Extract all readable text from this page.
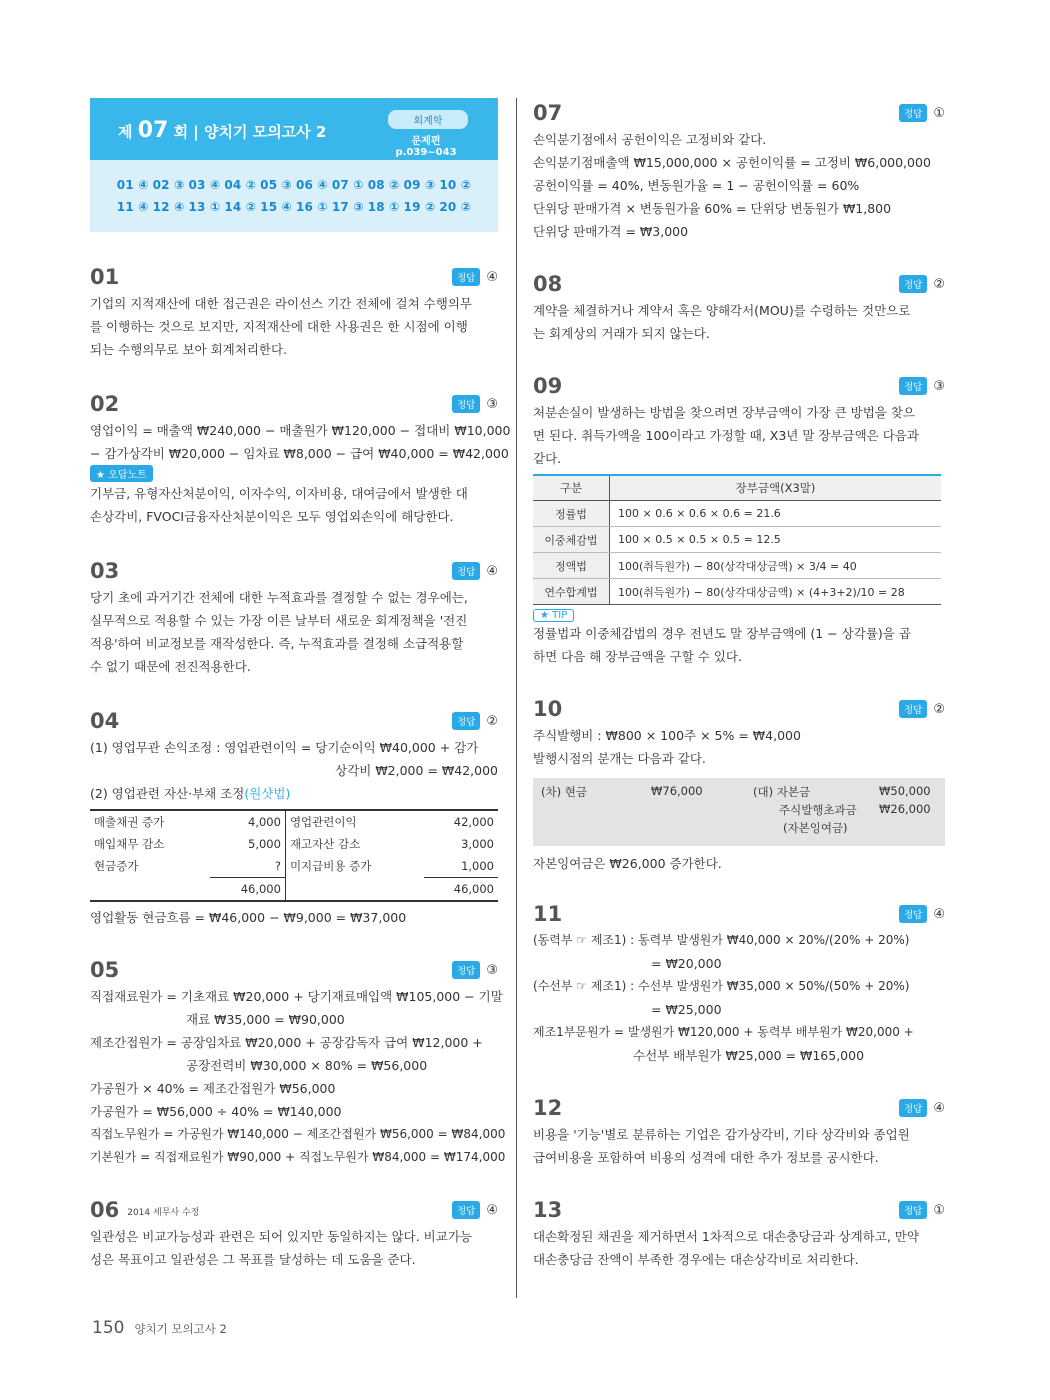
제 07 회 | 양치기 모의고사 2
회계학
문제편 p.039~043
01 ④ 02 ③ 03 ④ 04 ② 05 ③ 06 ④ 07 ① 08 ② 09 ③ 10 ②
11 ④ 12 ④ 13 ① 14 ② 15 ④ 16 ① 17 ③ 18 ① 19 ② 20 ②
01	정답 ④
기업의 지적재산에 대한 접근권은 라이선스 기간 전체에 걸쳐 수행의무
를 이행하는 것으로 보지만, 지적재산에 대한 사용권은 한 시점에 이행
되는 수행의무로 보아 회계처리한다.
02	정답 ③
영업이익 = 매출액 ₩240,000 − 매출원가 ₩120,000 − 접대비 ₩10,000
− 감가상각비 ₩20,000 − 임차료 ₩8,000 − 급여 ₩40,000 = ₩42,000
★ 오답노트
기부금, 유형자산처분이익, 이자수익, 이자비용, 대여금에서 발생한 대
손상각비, FVOCI금융자산처분이익은 모두 영업외손익에 해당한다.
03	정답 ④
당기 초에 과거기간 전체에 대한 누적효과를 결정할 수 없는 경우에는,
실무적으로 적용할 수 있는 가장 이른 날부터 새로운 회계정책을 '전진
적용'하여 비교정보를 재작성한다. 즉, 누적효과를 결정해 소급적용할
수 없기 때문에 전진적용한다.
04	정답 ②
(1) 영업무관 손익조정 : 영업관련이익 = 당기순이익 ₩40,000 + 감가
상각비 ₩2,000 = ₩42,000
(2) 영업관련 자산·부채 조정(원샷법)
매출채권 증가	4,000	영업관련이익	42,000
매입채무 감소	5,000	재고자산 감소	3,000
현금증가	?	미지급비용 증가	1,000
	46,000		46,000
영업활동 현금흐름 = ₩46,000 − ₩9,000 = ₩37,000
05	정답 ③
직접재료원가 = 기초재료 ₩20,000 + 당기재료매입액 ₩105,000 − 기말
재료 ₩35,000 = ₩90,000
제조간접원가 = 공장임차료 ₩20,000 + 공장감독자 급여 ₩12,000 +
공장전력비 ₩30,000 × 80% = ₩56,000
가공원가 × 40% = 제조간접원가 ₩56,000
가공원가 = ₩56,000 ÷ 40% = ₩140,000
직접노무원가 = 가공원가 ₩140,000 − 제조간접원가 ₩56,000 = ₩84,000
기본원가 = 직접재료원가 ₩90,000 + 직접노무원가 ₩84,000 = ₩174,000
06 2014 세무사 수정	정답 ④
일관성은 비교가능성과 관련은 되어 있지만 동일하지는 않다. 비교가능
성은 목표이고 일관성은 그 목표를 달성하는 데 도움을 준다.
07	정답 ①
손익분기점에서 공헌이익은 고정비와 같다.
손익분기점매출액 ₩15,000,000 × 공헌이익률 = 고정비 ₩6,000,000
공헌이익률 = 40%, 변동원가율 = 1 − 공헌이익률 = 60%
단위당 판매가격 × 변동원가율 60% = 단위당 변동원가 ₩1,800
단위당 판매가격 = ₩3,000
08	정답 ②
계약을 체결하거나 계약서 혹은 양해각서(MOU)를 수령하는 것만으로
는 회계상의 거래가 되지 않는다.
09	정답 ③
처분손실이 발생하는 방법을 찾으려면 장부금액이 가장 큰 방법을 찾으
면 된다. 취득가액을 100이라고 가정할 때, X3년 말 장부금액은 다음과
같다.
구분	장부금액(X3말)
정률법	100 × 0.6 × 0.6 × 0.6 = 21.6
이중체감법	100 × 0.5 × 0.5 × 0.5 = 12.5
정액법	100(취득원가) − 80(상각대상금액) × 3/4 = 40
연수합계법	100(취득원가) − 80(상각대상금액) × (4+3+2)/10 = 28
★ TIP
정률법과 이중체감법의 경우 전년도 말 장부금액에 (1 − 상각률)을 곱
하면 다음 해 장부금액을 구할 수 있다.
10	정답 ②
주식발행비 : ₩800 × 100주 × 5% = ₩4,000
발행시점의 분개는 다음과 같다.
(차) 현금	₩76,000	(대) 자본금	₩50,000
주식발행초과금 ₩26,000
(자본잉여금)
자본잉여금은 ₩26,000 증가한다.
11	정답 ④
(동력부 ☞ 제조1) : 동력부 발생원가 ₩40,000 × 20%/(20% + 20%)
= ₩20,000
(수선부 ☞ 제조1) : 수선부 발생원가 ₩35,000 × 50%/(50% + 20%)
= ₩25,000
제조1부문원가 = 발생원가 ₩120,000 + 동력부 배부원가 ₩20,000 +
수선부 배부원가 ₩25,000 = ₩165,000
12	정답 ④
비용을 '기능'별로 분류하는 기업은 감가상각비, 기타 상각비와 종업원
급여비용을 포함하여 비용의 성격에 대한 추가 정보를 공시한다.
13	정답 ①
대손확정된 채권을 제거하면서 1차적으로 대손충당금과 상계하고, 만약
대손충당금 잔액이 부족한 경우에는 대손상각비로 처리한다.
150 양치기 모의고사 2
